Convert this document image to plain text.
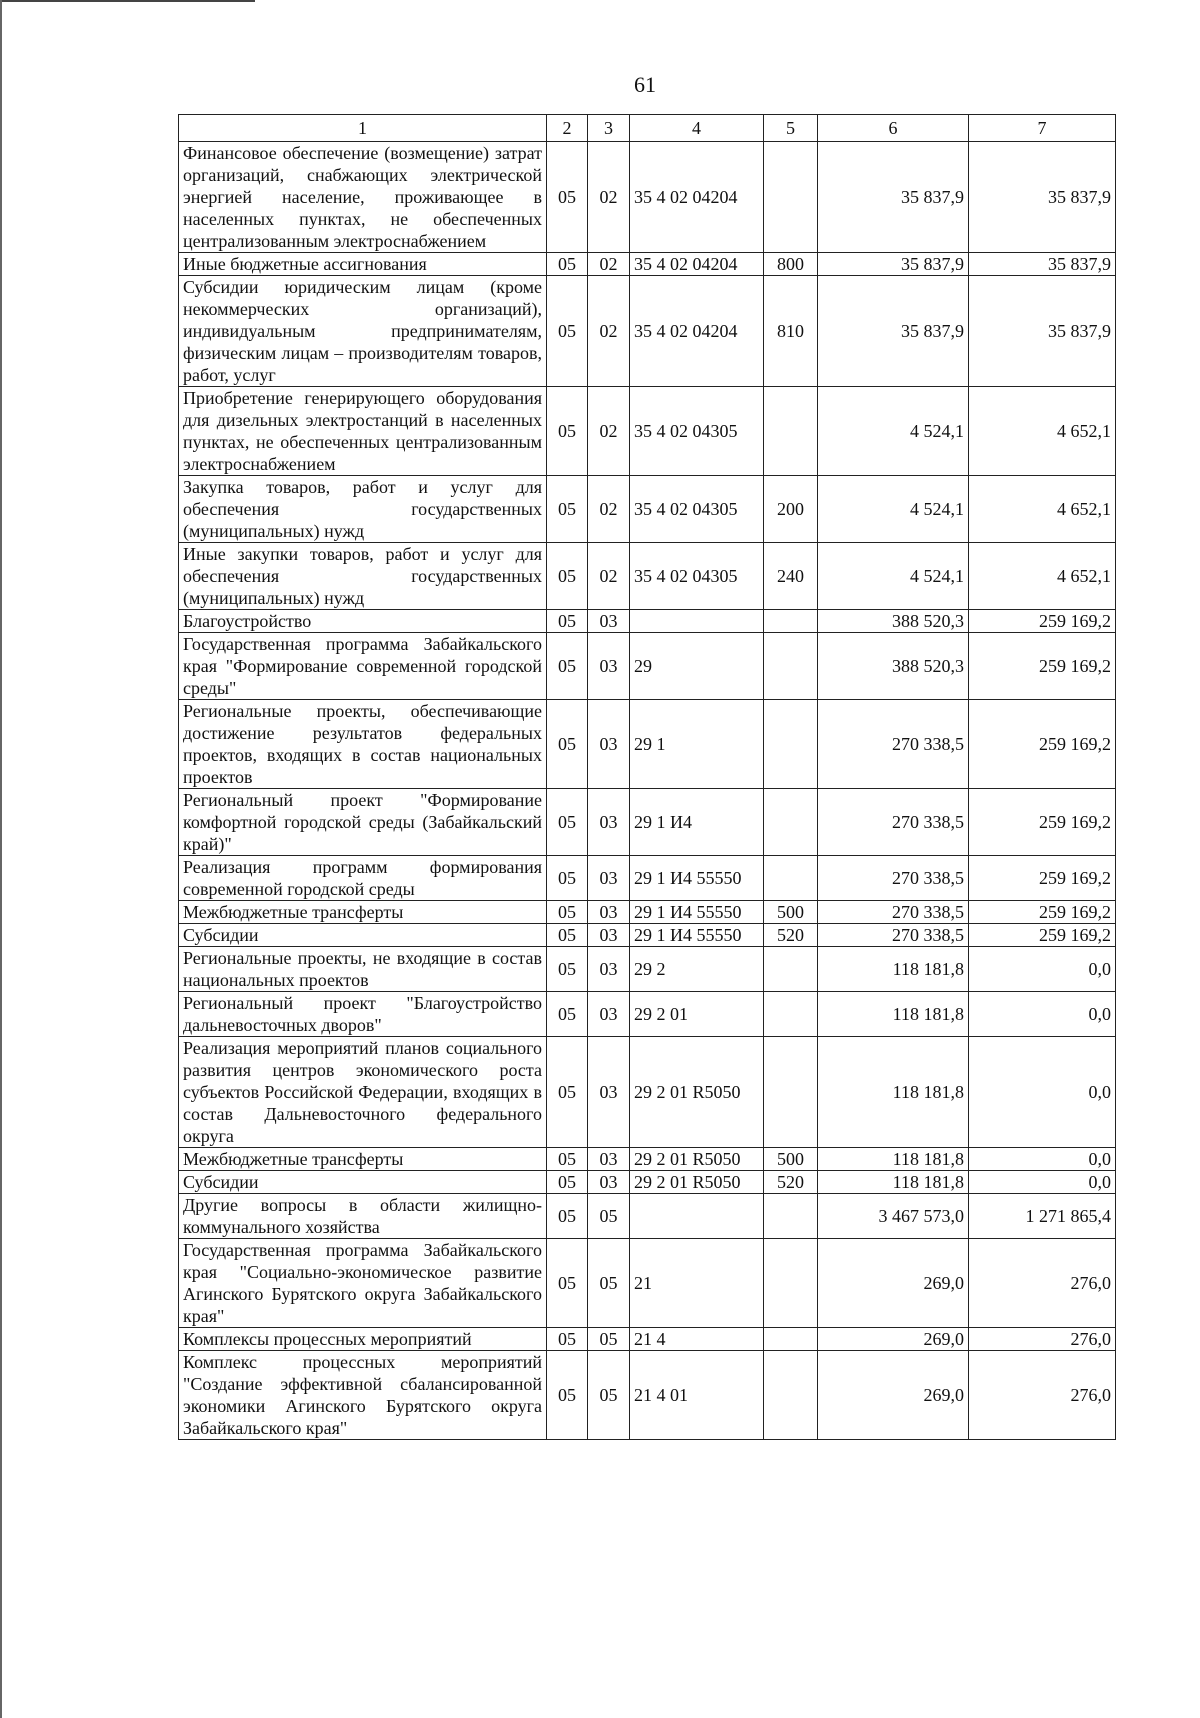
61
1	2	3	4	5	6	7
Финансовое обеспечение (возмещение) затрат организаций, снабжающих электрической энергией население, проживающее в населенных пунктах, не обеспеченных централизованным электроснабжением	05	02	35 4 02 04204		35 837,9	35 837,9
Иные бюджетные ассигнования	05	02	35 4 02 04204	800	35 837,9	35 837,9
Субсидии юридическим лицам (кроме некоммерческих организаций), индивидуальным предпринимателям, физическим лицам – производителям товаров, работ, услуг	05	02	35 4 02 04204	810	35 837,9	35 837,9
Приобретение генерирующего оборудования для дизельных электростанций в населенных пунктах, не обеспеченных централизованным электроснабжением	05	02	35 4 02 04305		4 524,1	4 652,1
Закупка товаров, работ и услуг для обеспечения государственных (муниципальных) нужд	05	02	35 4 02 04305	200	4 524,1	4 652,1
Иные закупки товаров, работ и услуг для обеспечения государственных (муниципальных) нужд	05	02	35 4 02 04305	240	4 524,1	4 652,1
Благоустройство	05	03			388 520,3	259 169,2
Государственная программа Забайкальского края "Формирование современной городской среды"	05	03	29		388 520,3	259 169,2
Региональные проекты, обеспечивающие достижение результатов федеральных проектов, входящих в состав национальных проектов	05	03	29 1		270 338,5	259 169,2
Региональный проект "Формирование комфортной городской среды (Забайкальский край)"	05	03	29 1 И4		270 338,5	259 169,2
Реализация программ формирования современной городской среды	05	03	29 1 И4 55550		270 338,5	259 169,2
Межбюджетные трансферты	05	03	29 1 И4 55550	500	270 338,5	259 169,2
Субсидии	05	03	29 1 И4 55550	520	270 338,5	259 169,2
Региональные проекты, не входящие в состав национальных проектов	05	03	29 2		118 181,8	0,0
Региональный проект "Благоустройство дальневосточных дворов"	05	03	29 2 01		118 181,8	0,0
Реализация мероприятий планов социального развития центров экономического роста субъектов Российской Федерации, входящих в состав Дальневосточного федерального округа	05	03	29 2 01 R5050		118 181,8	0,0
Межбюджетные трансферты	05	03	29 2 01 R5050	500	118 181,8	0,0
Субсидии	05	03	29 2 01 R5050	520	118 181,8	0,0
Другие вопросы в области жилищно-коммунального хозяйства	05	05			3 467 573,0	1 271 865,4
Государственная программа Забайкальского края "Социально-экономическое развитие Агинского Бурятского округа Забайкальского края"	05	05	21		269,0	276,0
Комплексы процессных мероприятий	05	05	21 4		269,0	276,0
Комплекс процессных мероприятий "Создание эффективной сбалансированной экономики Агинского Бурятского округа Забайкальского края"	05	05	21 4 01		269,0	276,0
